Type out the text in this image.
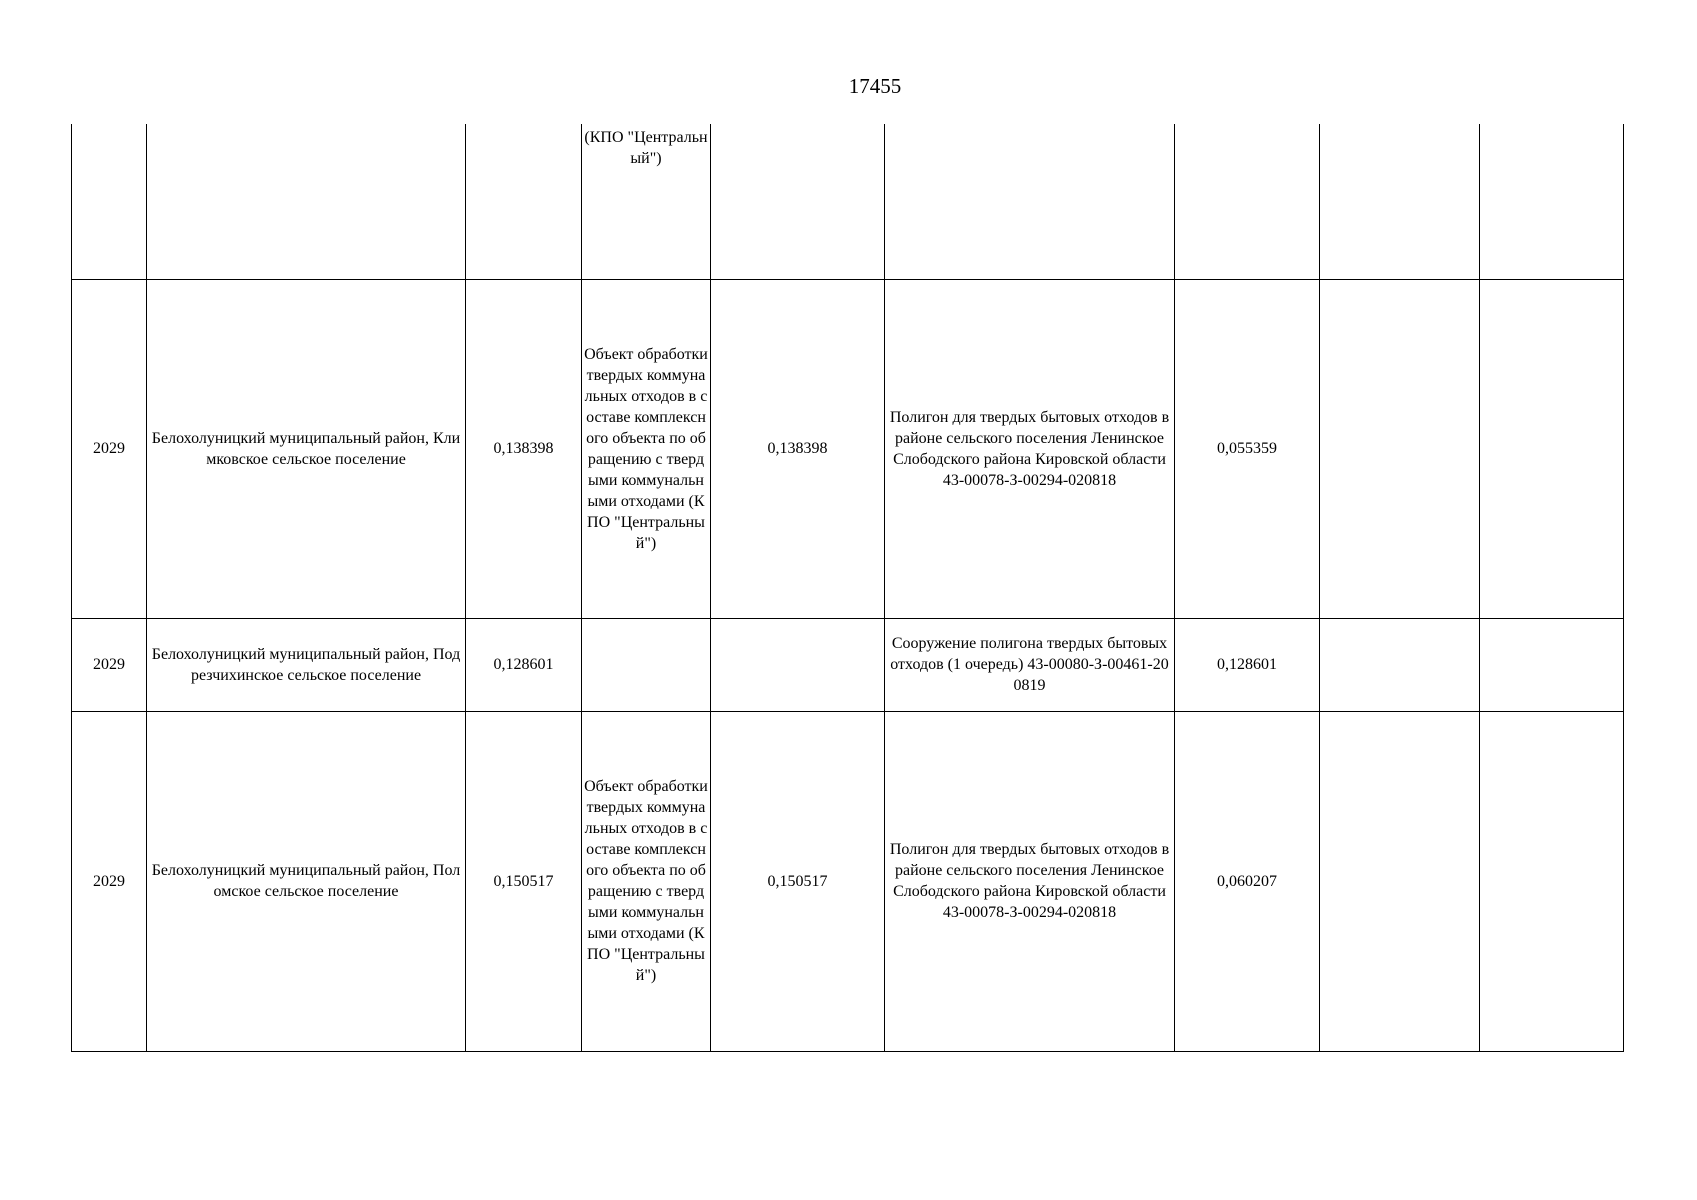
17455
			(КПО "Центральный")					
2029	Белохолуницкий муниципальный район, Климковское сельское поселение	0,138398	Объект обработки твердых коммунальных отходов в составе комплексного объекта по обращению с твердыми коммунальными отходами (КПО "Центральный")	0,138398	Полигон для твердых бытовых отходов в районе сельского поселения Ленинское Слободского района Кировской области 43-00078-З-00294-020818	0,055359		
2029	Белохолуницкий муниципальный район, Подрезчихинское сельское поселение	0,128601			Сооружение полигона твердых бытовых отходов (1 очередь) 43-00080-З-00461-200819	0,128601		
2029	Белохолуницкий муниципальный район, Поломское сельское поселение	0,150517	Объект обработки твердых коммунальных отходов в составе комплексного объекта по обращению с твердыми коммунальными отходами (КПО "Центральный")	0,150517	Полигон для твердых бытовых отходов в районе сельского поселения Ленинское Слободского района Кировской области 43-00078-З-00294-020818	0,060207		
